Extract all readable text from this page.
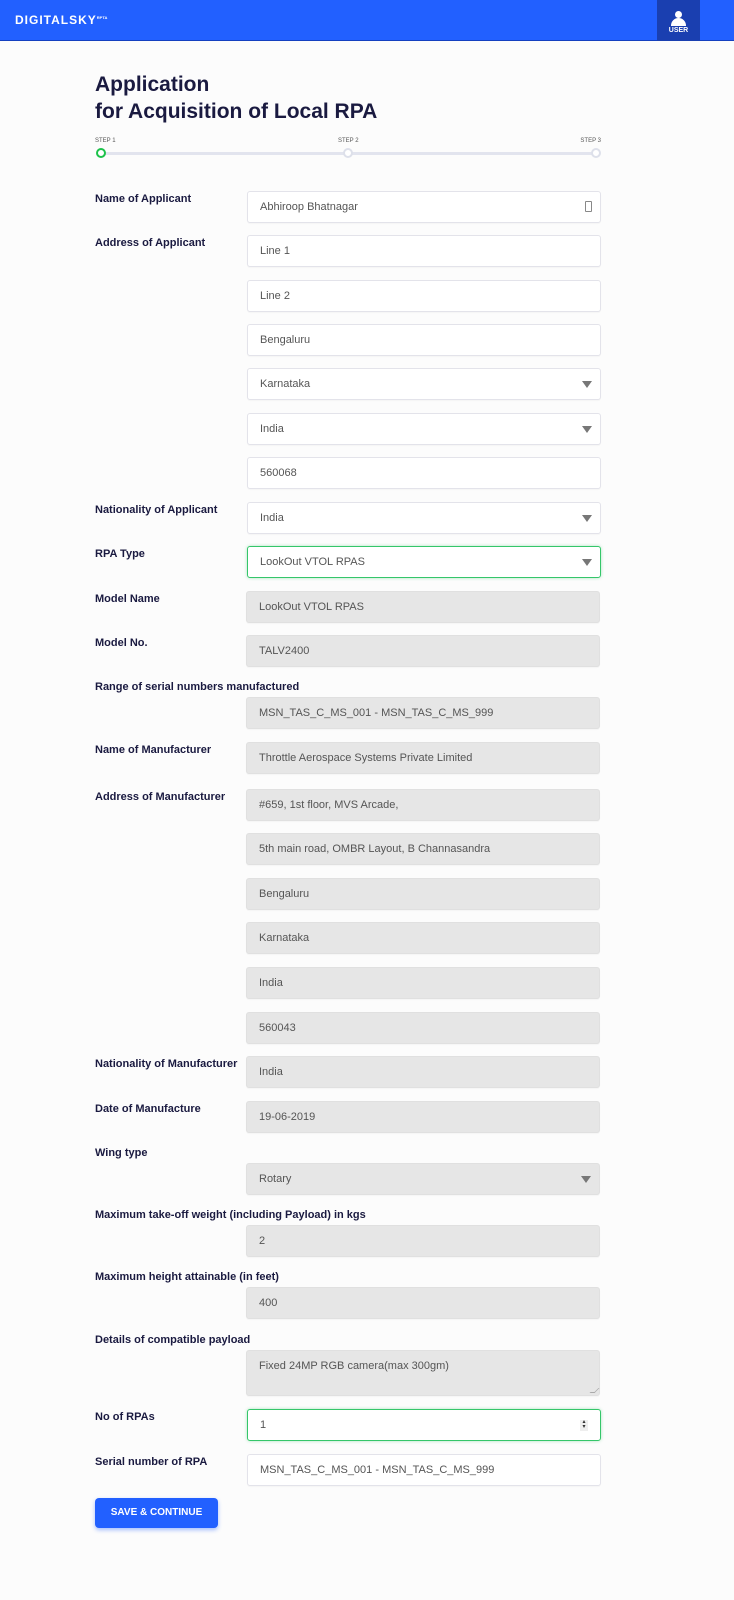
$DIGITALSKY^{RPTA}$
USER
Application
for Acquisition of Local RPA
STEP 1	STEP 2	STEP 3
Name of Applicant
Abhiroop Bhatnagar
Address of Applicant
Line 1
Line 2
Bengaluru
Karnataka
India
560068
Nationality of Applicant
India
RPA Type
LookOut VTOL RPAS
Model Name
LookOut VTOL RPAS
Model No.
TALV2400
Range of serial numbers manufactured
MSN_TAS_C_MS_001 - MSN_TAS_C_MS_999
Name of Manufacturer
Throttle Aerospace Systems Private Limited
Address of Manufacturer
#659, 1st floor, MVS Arcade,
5th main road, OMBR Layout, B Channasandra
Bengaluru
Karnataka
India
560043
Nationality of Manufacturer
India
Date of Manufacture
19-06-2019
Wing type
Rotary
Maximum take-off weight (including Payload) in kgs
2
Maximum height attainable (in feet)
400
Details of compatible payload
Fixed 24MP RGB camera(max 300gm)
No of RPAs
1	▴
▾
Serial number of RPA
MSN_TAS_C_MS_001 - MSN_TAS_C_MS_999
SAVE & CONTINUE
